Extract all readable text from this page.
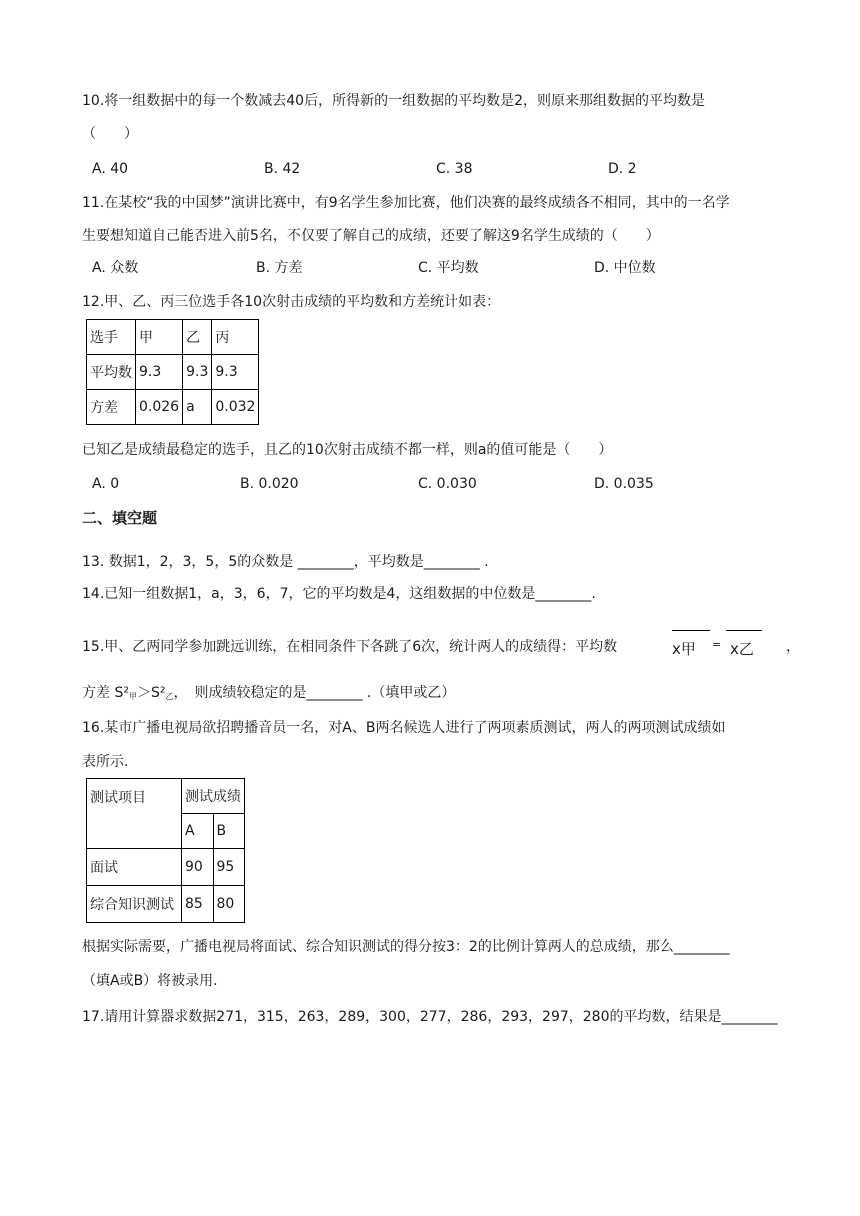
10.将一组数据中的每一个数减去40后，所得新的一组数据的平均数是2，则原来那组数据的平均数是
（　　）
A. 40	B. 42	C. 38	D. 2
11.在某校“我的中国梦”演讲比赛中，有9名学生参加比赛，他们决赛的最终成绩各不相同，其中的一名学
生要想知道自己能否进入前5名，不仅要了解自己的成绩，还要了解这9名学生成绩的（　　）
A. 众数	B. 方差	C. 平均数	D. 中位数
12.甲、乙、丙三位选手各10次射击成绩的平均数和方差统计如表：
选手	甲	乙	丙
平均数	9.3	9.3	9.3
方差	0.026	a	0.032
已知乙是成绩最稳定的选手，且乙的10次射击成绩不都一样，则a的值可能是（　　）
A. 0	B. 0.020	C. 0.030	D. 0.035
二、填空题
13. 数据1，2，3，5，5的众数是 ________，平均数是________ .
14.已知一组数据1，a，3，6，7，它的平均数是4，这组数据的中位数是________.
15.甲、乙两同学参加跳远训练，在相同条件下各跳了6次，统计两人的成绩得：平均数	x甲 = x乙 ，
方差 $S^2_甲>S^2_乙$，　则成绩较稳定的是________ .（填甲或乙）
16.某市广播电视局欲招聘播音员一名，对A、B两名候选人进行了两项素质测试，两人的两项测试成绩如
表所示.
测试项目	测试成绩	
	A	B
面试	90	95
综合知识测试	85	80
根据实际需要，广播电视局将面试、综合知识测试的得分按3：2的比例计算两人的总成绩，那么________
（填A或B）将被录用.
17.请用计算器求数据271，315，263，289，300，277，286，293，297，280的平均数，结果是________
